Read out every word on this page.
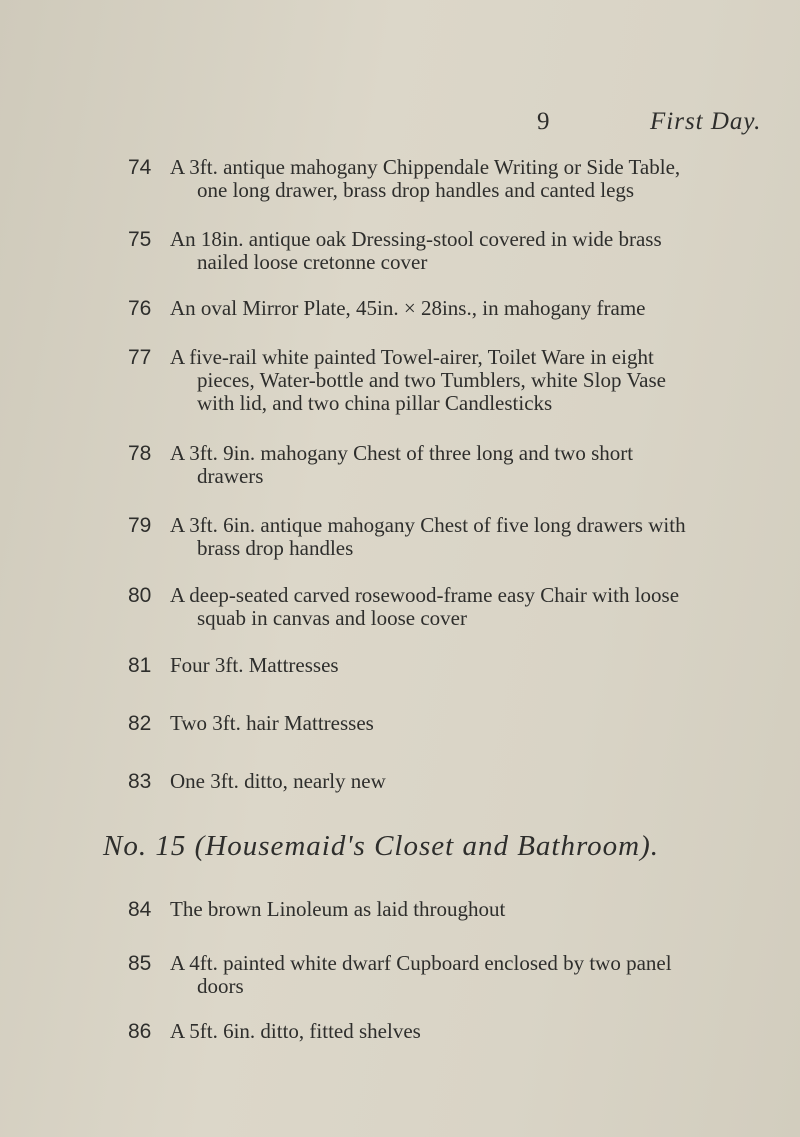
9	First Day.
74 A 3ft. antique mahogany Chippendale Writing or Side Table,
one long drawer, brass drop handles and canted legs
75 An 18in. antique oak Dressing-stool covered in wide brass
nailed loose cretonne cover
76 An oval Mirror Plate, 45in. × 28ins., in mahogany frame
77 A five-rail white painted Towel-airer, Toilet Ware in eight
pieces, Water-bottle and two Tumblers, white Slop Vase
with lid, and two china pillar Candlesticks
78 A 3ft. 9in. mahogany Chest of three long and two short
drawers
79 A 3ft. 6in. antique mahogany Chest of five long drawers with
brass drop handles
80 A deep-seated carved rosewood-frame easy Chair with loose
squab in canvas and loose cover
81 Four 3ft. Mattresses
82 Two 3ft. hair Mattresses
83 One 3ft. ditto, nearly new
No. 15 (Housemaid's Closet and Bathroom).
84 The brown Linoleum as laid throughout
85 A 4ft. painted white dwarf Cupboard enclosed by two panel
doors
86 A 5ft. 6in. ditto, fitted shelves
